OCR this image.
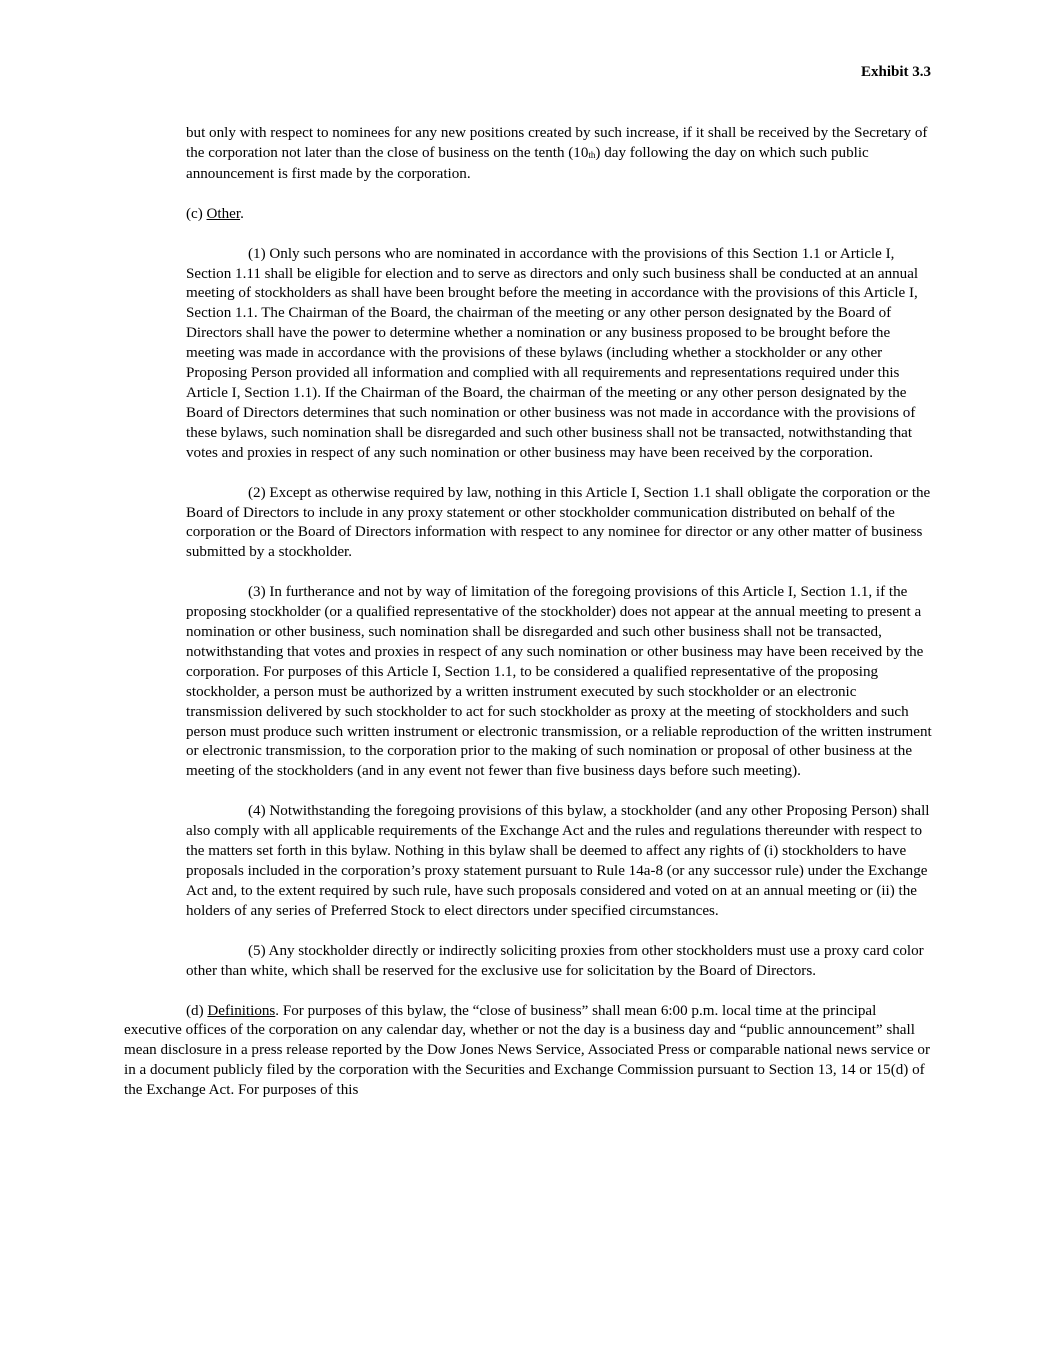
Exhibit 3.3

but only with respect to nominees for any new positions created by such increase, if it shall be received by the Secretary of the corporation not later than the close of business on the tenth $(10_{th})$ day following the day on which such public announcement is first made by the corporation.

(c) Other.

(1) Only such persons who are nominated in accordance with the provisions of this Section 1.1 or Article I, Section 1.11 shall be eligible for election and to serve as directors and only such business shall be conducted at an annual meeting of stockholders as shall have been brought before the meeting in accordance with the provisions of this Article I, Section 1.1. The Chairman of the Board, the chairman of the meeting or any other person designated by the Board of Directors shall have the power to determine whether a nomination or any business proposed to be brought before the meeting was made in accordance with the provisions of these bylaws (including whether a stockholder or any other Proposing Person provided all information and complied with all requirements and representations required under this Article I, Section 1.1). If the Chairman of the Board, the chairman of the meeting or any other person designated by the Board of Directors determines that such nomination or other business was not made in accordance with the provisions of these bylaws, such nomination shall be disregarded and such other business shall not be transacted, notwithstanding that votes and proxies in respect of any such nomination or other business may have been received by the corporation.

(2) Except as otherwise required by law, nothing in this Article I, Section 1.1 shall obligate the corporation or the Board of Directors to include in any proxy statement or other stockholder communication distributed on behalf of the corporation or the Board of Directors information with respect to any nominee for director or any other matter of business submitted by a stockholder.

(3) In furtherance and not by way of limitation of the foregoing provisions of this Article I, Section 1.1, if the proposing stockholder (or a qualified representative of the stockholder) does not appear at the annual meeting to present a nomination or other business, such nomination shall be disregarded and such other business shall not be transacted, notwithstanding that votes and proxies in respect of any such nomination or other business may have been received by the corporation. For purposes of this Article I, Section 1.1, to be considered a qualified representative of the proposing stockholder, a person must be authorized by a written instrument executed by such stockholder or an electronic transmission delivered by such stockholder to act for such stockholder as proxy at the meeting of stockholders and such person must produce such written instrument or electronic transmission, or a reliable reproduction of the written instrument or electronic transmission, to the corporation prior to the making of such nomination or proposal of other business at the meeting of the stockholders (and in any event not fewer than five business days before such meeting).

(4) Notwithstanding the foregoing provisions of this bylaw, a stockholder (and any other Proposing Person) shall also comply with all applicable requirements of the Exchange Act and the rules and regulations thereunder with respect to the matters set forth in this bylaw. Nothing in this bylaw shall be deemed to affect any rights of (i) stockholders to have proposals included in the corporation’s proxy statement pursuant to Rule 14a-8 (or any successor rule) under the Exchange Act and, to the extent required by such rule, have such proposals considered and voted on at an annual meeting or (ii) the holders of any series of Preferred Stock to elect directors under specified circumstances.

(5) Any stockholder directly or indirectly soliciting proxies from other stockholders must use a proxy card color other than white, which shall be reserved for the exclusive use for solicitation by the Board of Directors.

(d) Definitions. For purposes of this bylaw, the “close of business” shall mean 6:00 p.m. local time at the principal executive offices of the corporation on any calendar day, whether or not the day is a business day and “public announcement” shall mean disclosure in a press release reported by the Dow Jones News Service, Associated Press or comparable national news service or in a document publicly filed by the corporation with the Securities and Exchange Commission pursuant to Section 13, 14 or 15(d) of the Exchange Act. For purposes of this
